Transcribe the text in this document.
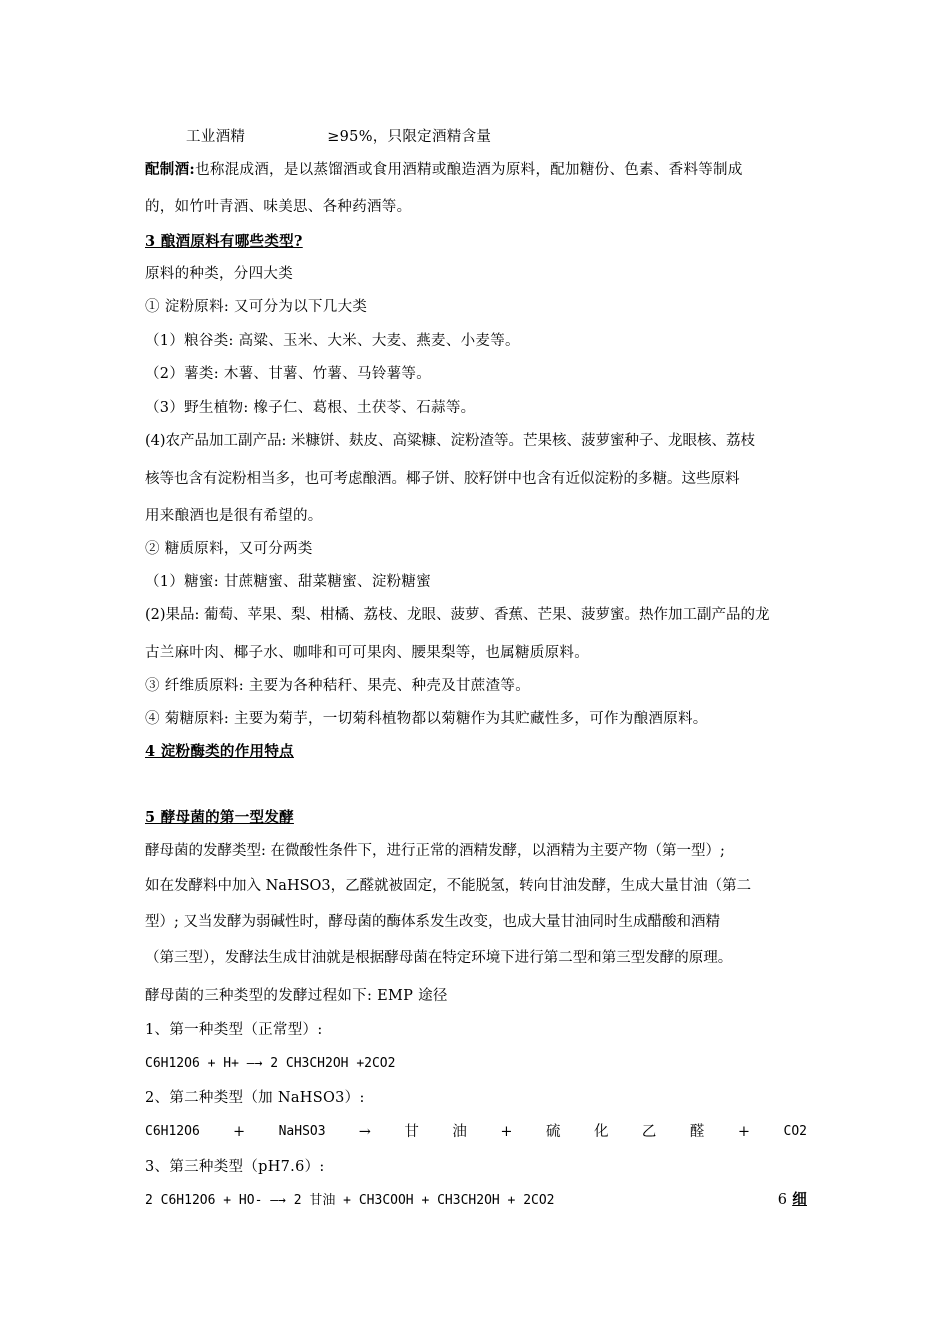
工业酒精	≥95%，只限定酒精含量
配制酒:也称混成酒，是以蒸馏酒或食用酒精或酿造酒为原料，配加糖份、色素、香料等制成
的，如竹叶青酒、味美思、各种药酒等。
3 酿酒原料有哪些类型?
原料的种类，分四大类
① 淀粉原料: 又可分为以下几大类
（1）粮谷类: 高粱、玉米、大米、大麦、燕麦、小麦等。
（2）薯类: 木薯、甘薯、竹薯、马铃薯等。
（3）野生植物: 橡子仁、葛根、土茯苓、石蒜等。
(4)农产品加工副产品: 米糠饼、麸皮、高粱糠、淀粉渣等。芒果核、菠萝蜜种子、龙眼核、荔枝
核等也含有淀粉相当多，也可考虑酿酒。椰子饼、胶籽饼中也含有近似淀粉的多糖。这些原料
用来酿酒也是很有希望的。
② 糖质原料，又可分两类
（1）糖蜜: 甘蔗糖蜜、甜菜糖蜜、淀粉糖蜜
(2)果品: 葡萄、苹果、梨、柑橘、荔枝、龙眼、菠萝、香蕉、芒果、菠萝蜜。热作加工副产品的龙
古兰麻叶肉、椰子水、咖啡和可可果肉、腰果梨等，也属糖质原料。
③ 纤维质原料: 主要为各种秸秆、果壳、种壳及甘蔗渣等。
④ 菊糖原料: 主要为菊芋，一切菊科植物都以菊糖作为其贮藏性多，可作为酿酒原料。
4 淀粉酶类的作用特点
5 酵母菌的第一型发酵
酵母菌的发酵类型: 在微酸性条件下，进行正常的酒精发酵，以酒精为主要产物（第一型）;
如在发酵料中加入 NaHSO3，乙醛就被固定，不能脱氢，转向甘油发酵，生成大量甘油（第二
型）; 又当发酵为弱碱性时，酵母菌的酶体系发生改变，也成大量甘油同时生成醋酸和酒精
（第三型），发酵法生成甘油就是根据酵母菌在特定环境下进行第二型和第三型发酵的原理。
酵母菌的三种类型的发酵过程如下: EMP 途径
1、第一种类型（正常型）:
C6H12O6 + H+ —→ 2 CH3CH2OH +2CO2
2、第二种类型（加 NaHSO3）:
C6H12O6 +	NaHSO3 → 甘 油 + 硫 化 乙 醛 +	CO2
3、第三种类型（pH7.6）:
2 C6H12O6 + HO- —→ 2 甘油 + CH3COOH + CH3CH2OH + 2CO2	6 细
